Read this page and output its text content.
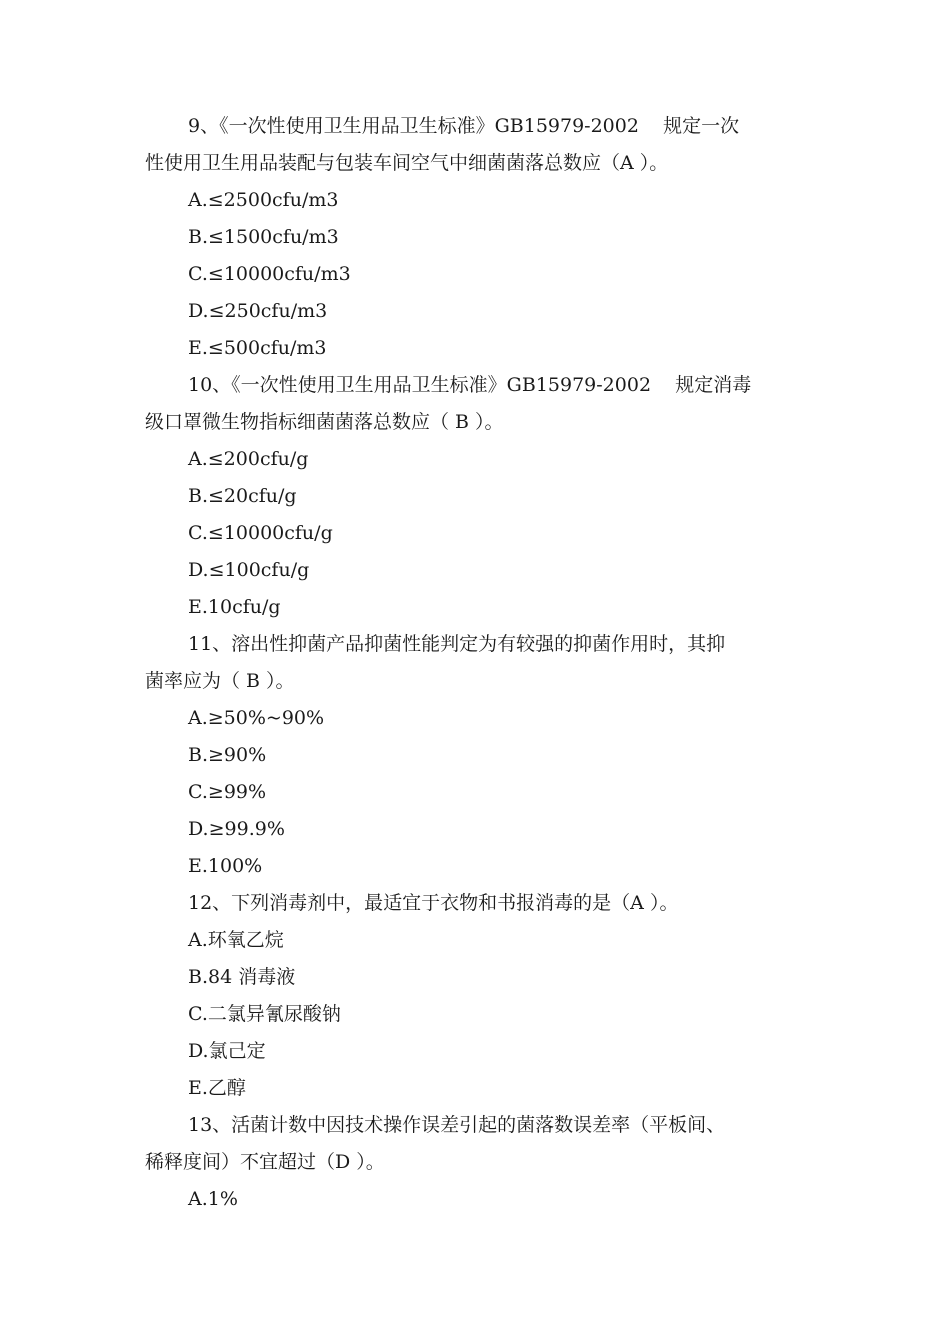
9、《一次性使用卫生用品卫生标准》GB15979-2002    规定一次
性使用卫生用品装配与包装车间空气中细菌菌落总数应（A ）。
A.≤2500cfu/m3
B.≤1500cfu/m3
C.≤10000cfu/m3
D.≤250cfu/m3
E.≤500cfu/m3
10、《一次性使用卫生用品卫生标准》GB15979-2002    规定消毒
级口罩微生物指标细菌菌落总数应（ B ）。
A.≤200cfu/g
B.≤20cfu/g
C.≤10000cfu/g
D.≤100cfu/g
E.10cfu/g
11、溶出性抑菌产品抑菌性能判定为有较强的抑菌作用时，其抑
菌率应为（ B ）。
A.≥50%~90%
B.≥90%
C.≥99%
D.≥99.9%
E.100%
12、下列消毒剂中，最适宜于衣物和书报消毒的是（A ）。
A.环氧乙烷
B.84 消毒液
C.二氯异氰尿酸钠
D.氯己定
E.乙醇
13、活菌计数中因技术操作误差引起的菌落数误差率（平板间、
稀释度间）不宜超过（D ）。
A.1%
